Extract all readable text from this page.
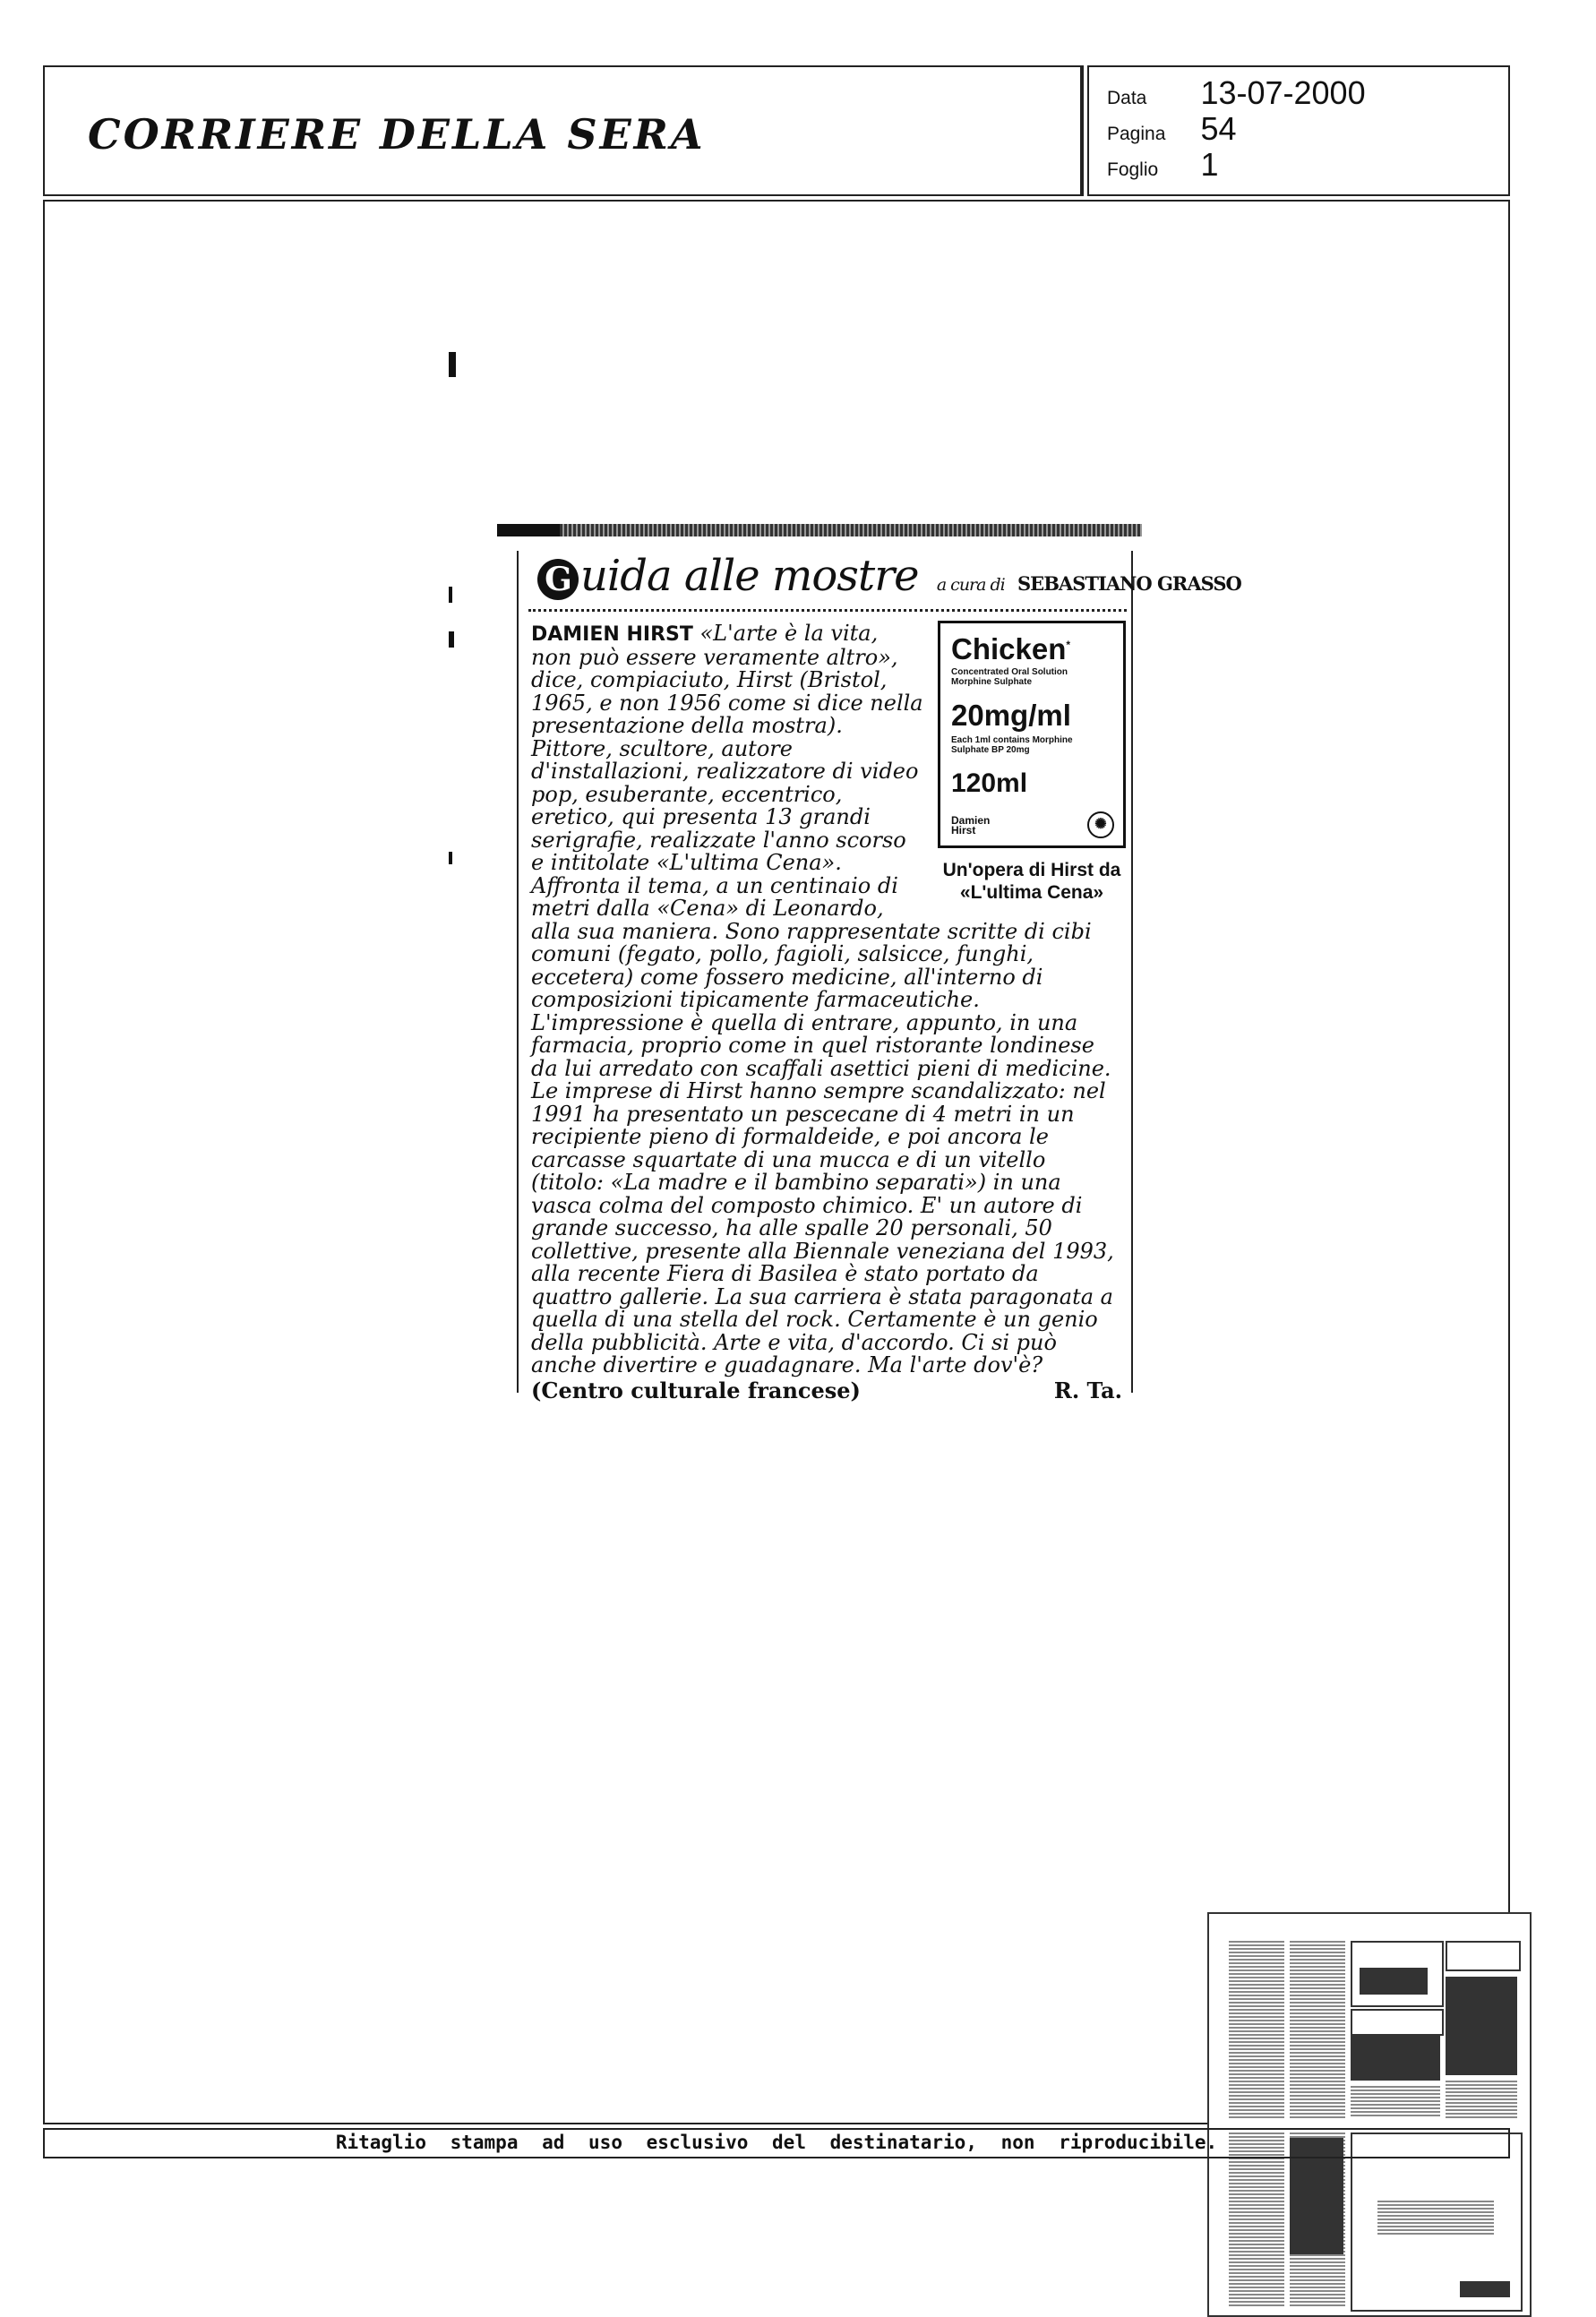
CORRIERE DELLA SERA
Data 13-07-2000
Pagina 54
Foglio 1
G uida alle mostre a cura di SEBASTIANO GRASSO
Chicken*
Concentrated Oral Solution
Morphine Sulphate
20mg/ml
Each 1ml contains Morphine
Sulphate BP 20mg
120ml
Damien
Hirst	✺
Un'opera di Hirst da «L'ultima Cena»
DAMIEN HIRST «L'arte è la vita, non può essere veramente altro», dice, compiaciuto, Hirst (Bristol, 1965, e non 1956 come si dice nella presentazione della mostra). Pittore, scultore, autore d'installazioni, realizzatore di video pop, esuberante, eccentrico, eretico, qui presenta 13 grandi serigrafie, realizzate l'anno scorso e intitolate «L'ultima Cena». Affronta il tema, a un centinaio di metri dalla «Cena» di Leonardo, alla sua maniera. Sono rappresentate scritte di cibi comuni (fegato, pollo, fagioli, salsicce, funghi, eccetera) come fossero medicine, all'interno di composizioni tipicamente farmaceutiche. L'impressione è quella di entrare, appunto, in una farmacia, proprio come in quel ristorante londinese da lui arredato con scaffali asettici pieni di medicine. Le imprese di Hirst hanno sempre scandalizzato: nel 1991 ha presentato un pescecane di 4 metri in un recipiente pieno di formaldeide, e poi ancora le carcasse squartate di una mucca e di un vitello (titolo: «La madre e il bambino separati») in una vasca colma del composto chimico. E' un autore di grande successo, ha alle spalle 20 personali, 50 collettive, presente alla Biennale veneziana del 1993, alla recente Fiera di Basilea è stato portato da quattro gallerie. La sua carriera è stata paragonata a quella di una stella del rock. Certamente è un genio della pubblicità. Arte e vita, d'accordo. Ci si può anche divertire e guadagnare. Ma l'arte dov'è?
(Centro culturale francese)	R. Ta.
Ritaglio stampa ad uso esclusivo del destinatario, non riproducibile.
